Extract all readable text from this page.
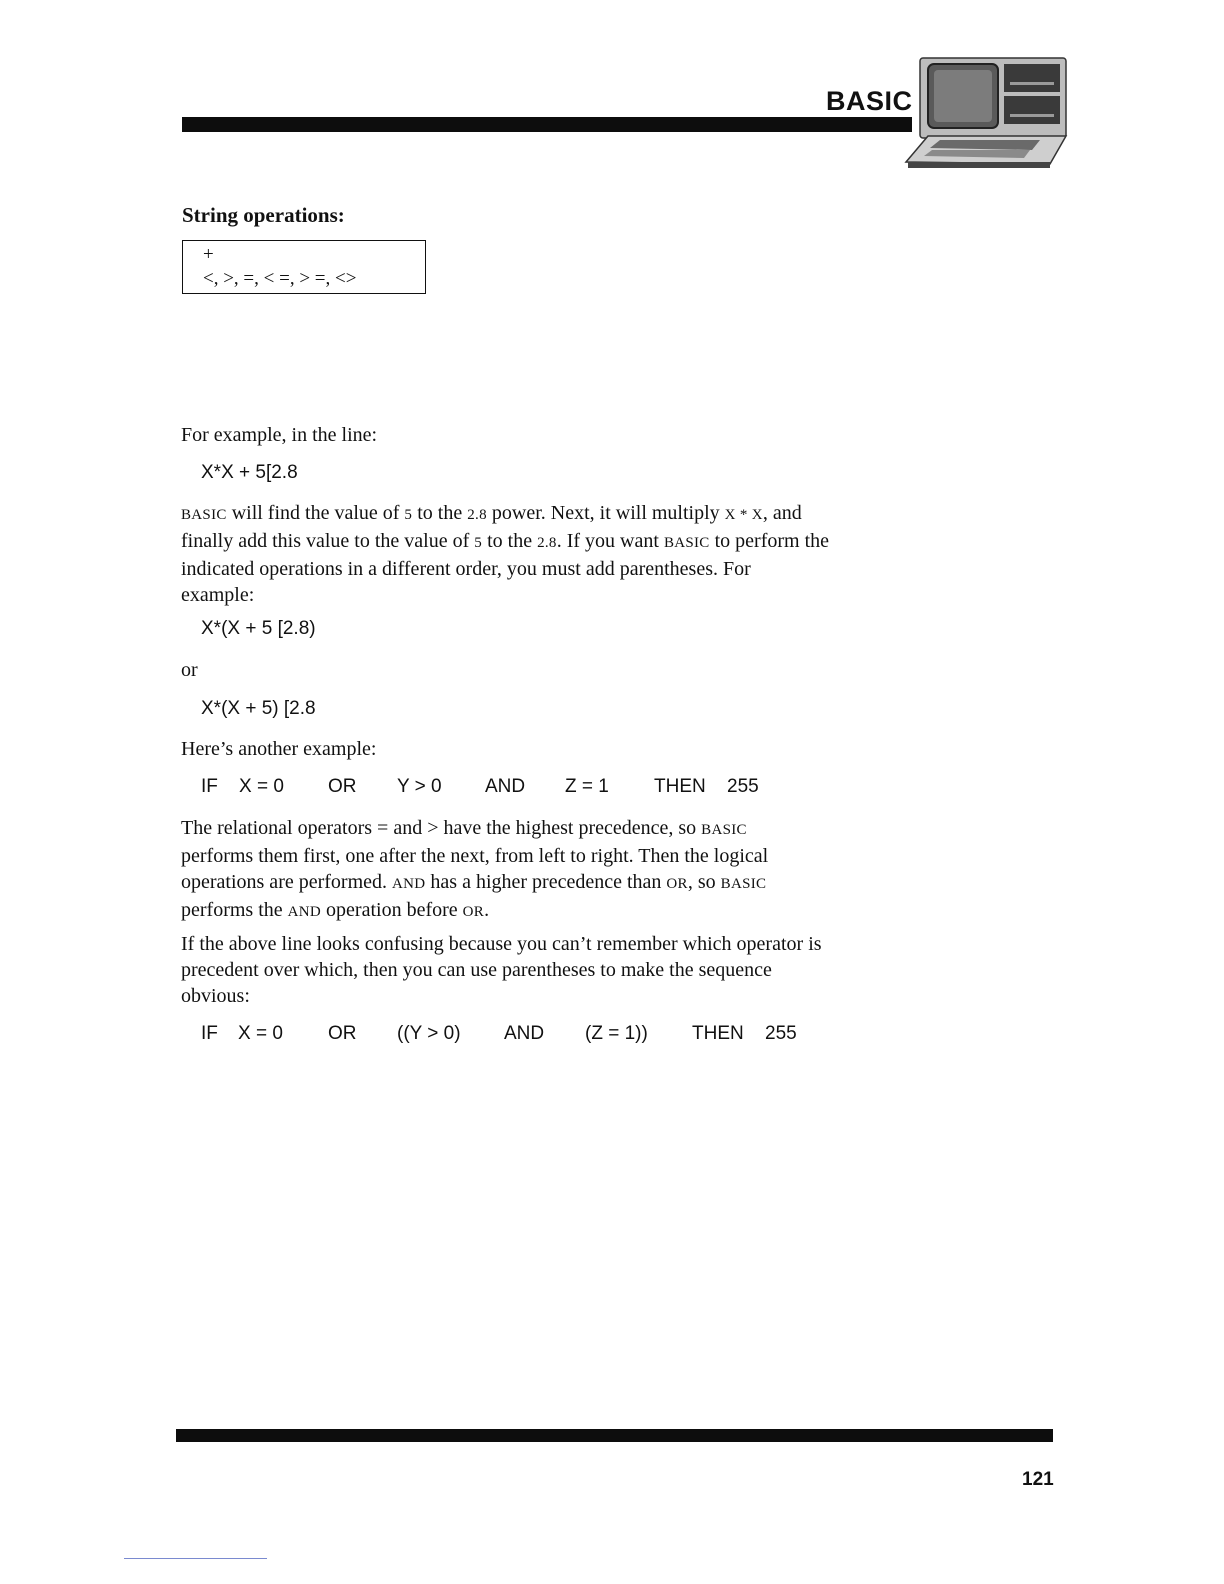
BASIC
String operations:
+
<, >, =, < =, > =, <>
For example, in the line:
X*X + 5[2.8
BASIC will find the value of 5 to the 2.8 power. Next, it will multiply X * X, and
finally add this value to the value of 5 to the 2.8. If you want BASIC to perform the
indicated operations in a different order, you must add parentheses. For
example:
X*(X + 5 [2.8)
or
X*(X + 5) [2.8
Here’s another example:
IF X = 0 OR Y > 0 AND Z = 1 THEN 255
The relational operators = and > have the highest precedence, so BASIC
performs them first, one after the next, from left to right. Then the logical
operations are performed. AND has a higher precedence than OR, so BASIC
performs the AND operation before OR.
If the above line looks confusing because you can’t remember which operator is
precedent over which, then you can use parentheses to make the sequence
obvious:
IF X = 0 OR ((Y > 0) AND (Z = 1)) THEN 255
121
